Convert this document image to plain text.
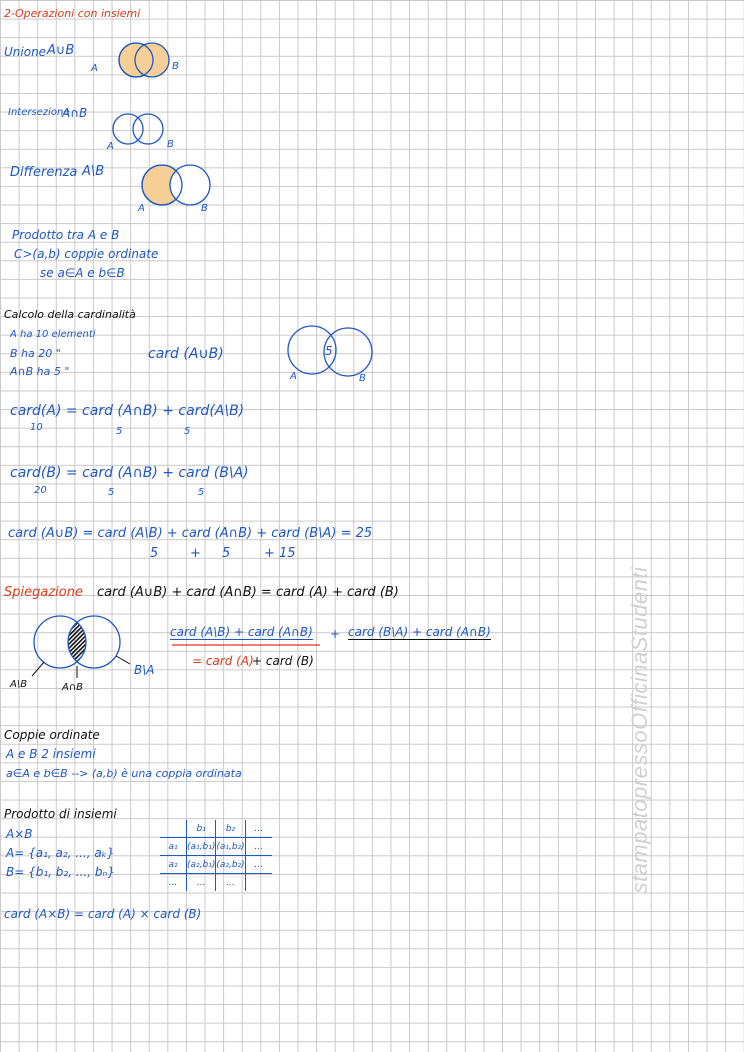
2-Operazioni con insiemi
Unione A∪B
A	B
Intersezione
A∩B
A	B
Differenza A\B
A	B
Prodotto tra A e B
C>(a,b) coppie ordinate
se a∈A e b∈B
Calcolo della cardinalità
A ha 10 elementi
B ha 20 "
A∩B ha 5 "
card (A∪B)	5
A	B
card(A) = card (A∩B) + card(A\B)
10	5	5
card(B) = card (A∩B) + card (B\A)
20	5	5
card (A∪B) = card (A\B) + card (A∩B) + card (B\A) = 25
5 + 5	+ 15
Spiegazione card (A∪B) + card (A∩B) = card (A) + card (B)
A\B	A∩B
B\A
card (A\B) + card (A∩B) + card (B\A) + card (A∩B)
= card (A)
+ card (B)
Coppie ordinate
A e B 2 insiemi
a∈A e b∈B --> (a,b) è una coppia ordinata
Prodotto di insiemi
A×B
A= {a₁, a₂, ..., aₖ}
B= {b₁, b₂, ..., bₙ}
card (A×B) = card (A) × card (B)
	b₁	b₂	...
a₁	(a₁,b₁)	(a₁,b₂)	...
a₂	(a₂,b₁)	(a₂,b₂)	...
...	...	...		stampatopressoOfficinaStudenti
